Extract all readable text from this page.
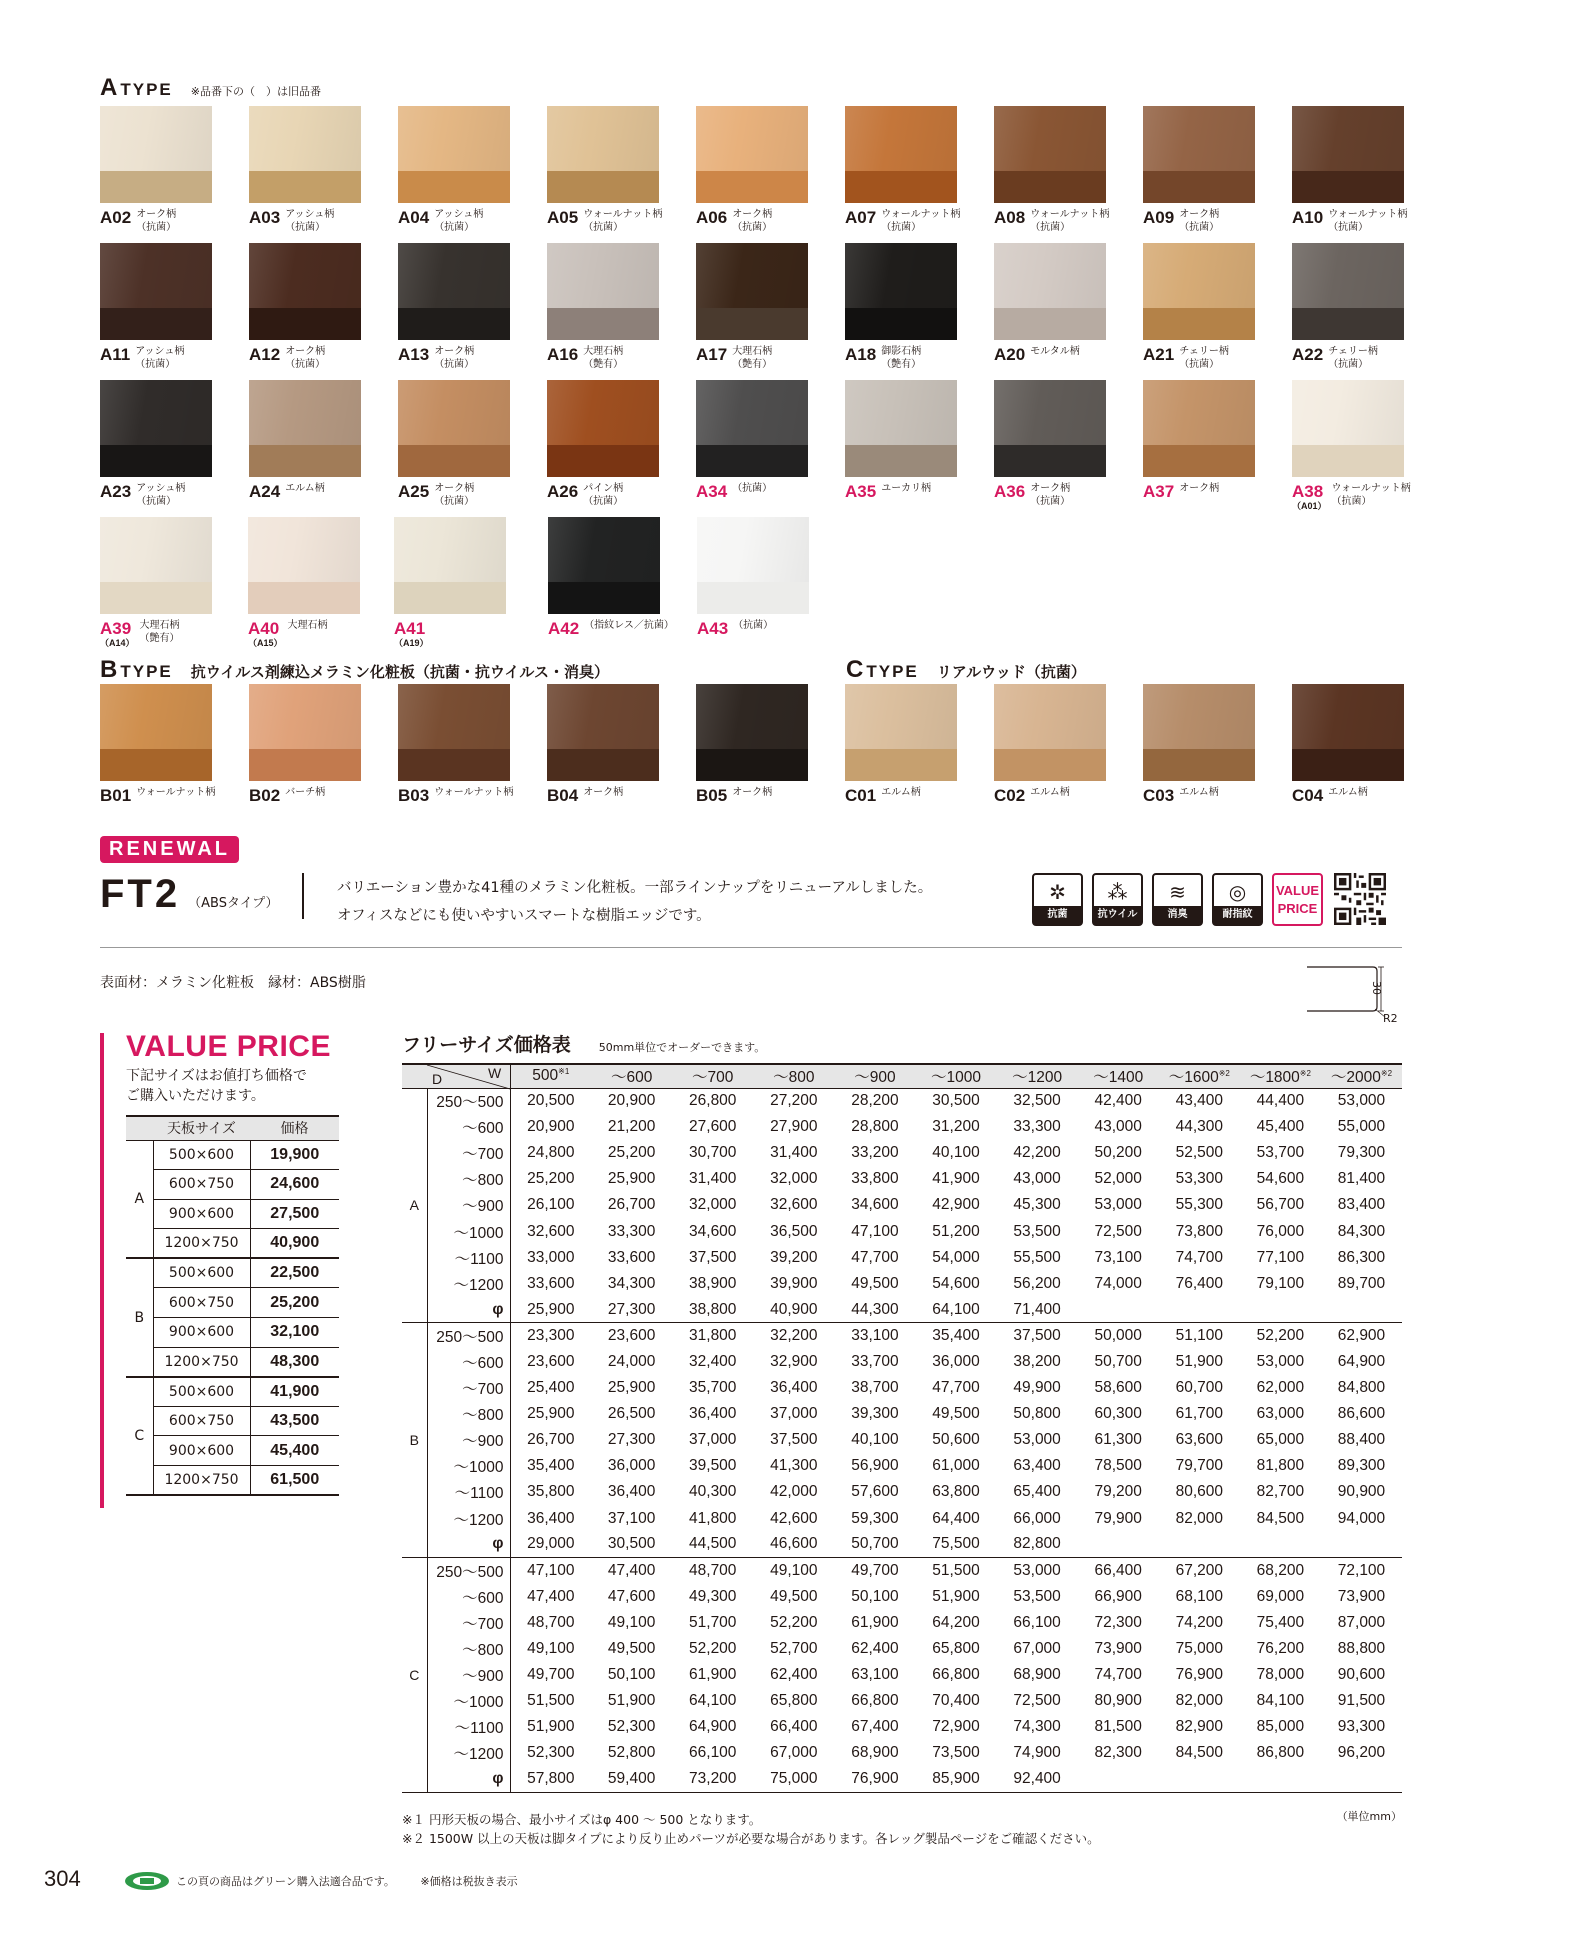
A TYPE ※品番下の（　）は旧品番
B TYPE 抗ウイルス剤練込メラミン化粧板（抗菌・抗ウイルス・消臭）	C TYPE リアルウッド（抗菌）
A02 オーク柄
（抗菌）
A03 アッシュ柄
（抗菌）
A04 アッシュ柄
（抗菌）
A05 ウォールナット柄
（抗菌）
A06 オーク柄
（抗菌）
A07 ウォールナット柄
（抗菌）
A08 ウォールナット柄
（抗菌）
A09 オーク柄
（抗菌）
A10 ウォールナット柄
（抗菌）
A11 アッシュ柄
（抗菌）
A12 オーク柄
（抗菌）
A13 オーク柄
（抗菌）
A16 大理石柄
（艶有）
A17 大理石柄
（艶有）
A18 御影石柄
（艶有）
A20 モルタル柄	A21 チェリー柄
（抗菌）
A22 チェリー柄
（抗菌）
A23 アッシュ柄
（抗菌）
A24 エルム柄	A25 オーク柄
（抗菌）
A26 パイン柄
（抗菌）
A34 （抗菌）	A35 ユーカリ柄	A36 オーク柄
（抗菌）
A37 オーク柄	A38
（A01）
ウォールナット柄
（抗菌）
A39
（A14）
大理石柄
（艶有）
A40
（A15）
大理石柄	A41
（A19）
A42 （指紋レス／抗菌） A43 （抗菌）
B01 ウォールナット柄 B02 バーチ柄	B03 ウォールナット柄 B04 オーク柄	B05 オーク柄	C01 エルム柄	C02 エルム柄	C03 エルム柄	C04 エルム柄
RENEWAL
FT2 （ABSタイプ）
バリエーション豊かな41種のメラミン化粧板。一部ラインナップをリニューアルしました。
オフィスなどにも使いやすいスマートな樹脂エッジです。
✲
抗菌
⁂
抗ウイルス
≋
消臭
◎
耐指紋
VALUE
PRICE
表面材：メラミン化粧板　縁材：ABS樹脂	30
R2
VALUE PRICE
下記サイズはお値打ち価格で
ご購入いただけます。
	天板サイズ	価格
A	500×600	19,900
	600×750	24,600
	900×600	27,500
	1200×750	40,900
B	500×600	22,500
	600×750	25,200
	900×600	32,100
	1200×750	48,300
C	500×600	41,900
	600×750	43,500
	900×600	45,400
	1200×750	61,500
フリーサイズ価格表	50mm単位でオーダーできます。
W
D		500$^{※1}$	～600	～700	～800	～900	～1000	～1200	～1400	～1600$^{※2}$	～1800$^{※2}$	～2000$^{※2}$
A	250～500	20,500	20,900	26,800	27,200	28,200	30,500	32,500	42,400	43,400	44,400	53,000
	～600	20,900	21,200	27,600	27,900	28,800	31,200	33,300	43,000	44,300	45,400	55,000
	～700	24,800	25,200	30,700	31,400	33,200	40,100	42,200	50,200	52,500	53,700	79,300
	～800	25,200	25,900	31,400	32,000	33,800	41,900	43,000	52,000	53,300	54,600	81,400
	～900	26,100	26,700	32,000	32,600	34,600	42,900	45,300	53,000	55,300	56,700	83,400
	～1000	32,600	33,300	34,600	36,500	47,100	51,200	53,500	72,500	73,800	76,000	84,300
	～1100	33,000	33,600	37,500	39,200	47,700	54,000	55,500	73,100	74,700	77,100	86,300
	～1200	33,600	34,300	38,900	39,900	49,500	54,600	56,200	74,000	76,400	79,100	89,700
	φ	25,900	27,300	38,800	40,900	44,300	64,100	71,400				
B	250～500	23,300	23,600	31,800	32,200	33,100	35,400	37,500	50,000	51,100	52,200	62,900
	～600	23,600	24,000	32,400	32,900	33,700	36,000	38,200	50,700	51,900	53,000	64,900
	～700	25,400	25,900	35,700	36,400	38,700	47,700	49,900	58,600	60,700	62,000	84,800
	～800	25,900	26,500	36,400	37,000	39,300	49,500	50,800	60,300	61,700	63,000	86,600
	～900	26,700	27,300	37,000	37,500	40,100	50,600	53,000	61,300	63,600	65,000	88,400
	～1000	35,400	36,000	39,500	41,300	56,900	61,000	63,400	78,500	79,700	81,800	89,300
	～1100	35,800	36,400	40,300	42,000	57,600	63,800	65,400	79,200	80,600	82,700	90,900
	～1200	36,400	37,100	41,800	42,600	59,300	64,400	66,000	79,900	82,000	84,500	94,000
	φ	29,000	30,500	44,500	46,600	50,700	75,500	82,800				
C	250～500	47,100	47,400	48,700	49,100	49,700	51,500	53,000	66,400	67,200	68,200	72,100
	～600	47,400	47,600	49,300	49,500	50,100	51,900	53,500	66,900	68,100	69,000	73,900
	～700	48,700	49,100	51,700	52,200	61,900	64,200	66,100	72,300	74,200	75,400	87,000
	～800	49,100	49,500	52,200	52,700	62,400	65,800	67,000	73,900	75,000	76,200	88,800
	～900	49,700	50,100	61,900	62,400	63,100	66,800	68,900	74,700	76,900	78,000	90,600
	～1000	51,500	51,900	64,100	65,800	66,800	70,400	72,500	80,900	82,000	84,100	91,500
	～1100	51,900	52,300	64,900	66,400	67,400	72,900	74,300	81,500	82,900	85,000	93,300
	～1200	52,300	52,800	66,100	67,000	68,900	73,500	74,900	82,300	84,500	86,800	96,200
	φ	57,800	59,400	73,200	75,000	76,900	85,900	92,400				
（単位mm）
※１ 円形天板の場合、最小サイズはφ 400 ～ 500 となります。
※２ 1500W 以上の天板は脚タイプにより反り止めパーツが必要な場合があります。各レッグ製品ページをご確認ください。
304	この頁の商品はグリーン購入法適合品です。 ※価格は税抜き表示
